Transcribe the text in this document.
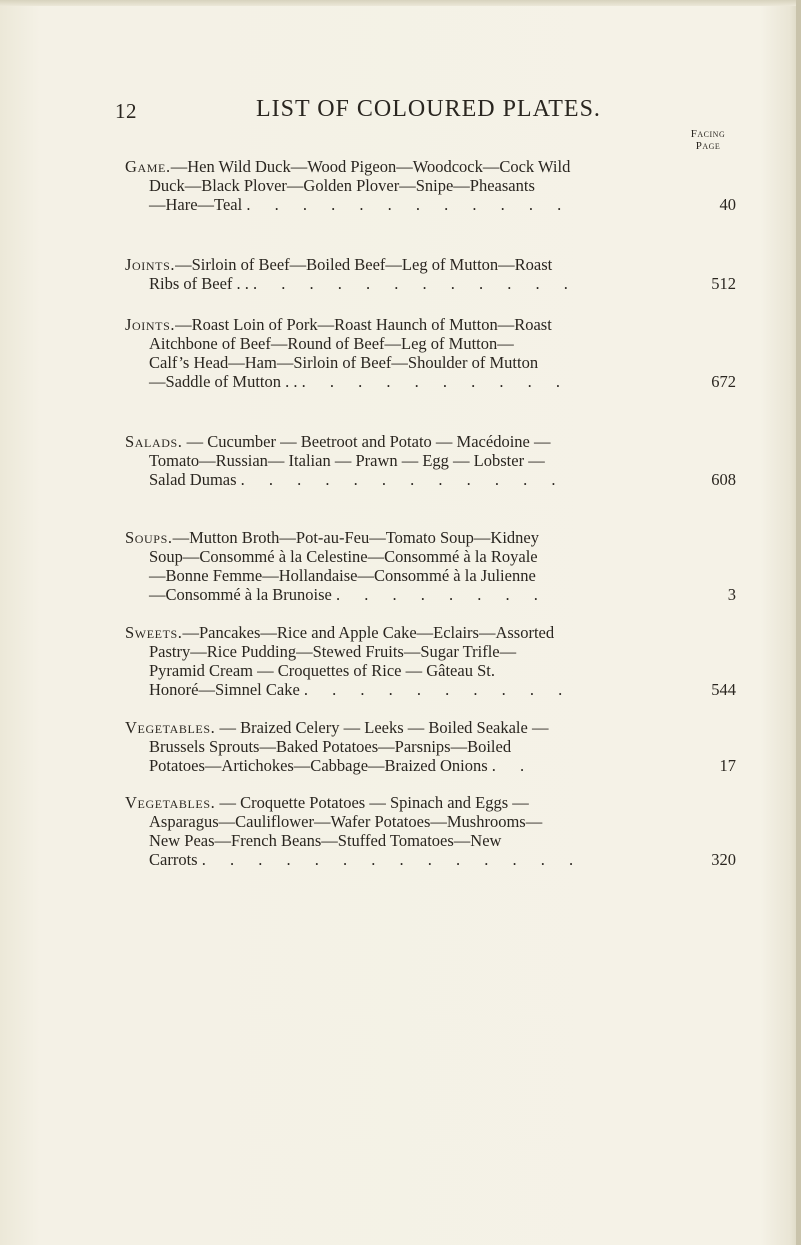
12	LIST OF COLOURED PLATES.
Facing
Page
Game.—Hen Wild Duck—Wood Pigeon—Woodcock—Cock Wild
Duck—Black Plover—Golden Plover—Snipe—Pheasants
—Hare—Teal . . . . . . . . . . . .	40
Joints.—Sirloin of Beef—Boiled Beef—Leg of Mutton—Roast
Ribs of Beef . . . . . . . . . . . . . .	512
Joints.—Roast Loin of Pork—Roast Haunch of Mutton—Roast
Aitchbone of Beef—Round of Beef—Leg of Mutton—
Calf’s Head—Ham—Sirloin of Beef—Shoulder of Mutton
—Saddle of Mutton . . . . . . . . . . . .	672
Salads. — Cucumber — Beetroot and Potato — Macédoine —
Tomato—Russian— Italian — Prawn — Egg — Lobster —
Salad Dumas . . . . . . . . . . . .	608
Soups.—Mutton Broth—Pot-au-Feu—Tomato Soup—Kidney
Soup—Consommé à la Celestine—Consommé à la Royale
—Bonne Femme—Hollandaise—Consommé à la Julienne
—Consommé à la Brunoise . . . . . . . .	3
Sweets.—Pancakes—Rice and Apple Cake—Eclairs—Assorted
Pastry—Rice Pudding—Stewed Fruits—Sugar Trifle—
Pyramid Cream — Croquettes of Rice — Gâteau St.
Honoré—Simnel Cake . . . . . . . . . .	544
Vegetables. — Braized Celery — Leeks — Boiled Seakale —
Brussels Sprouts—Baked Potatoes—Parsnips—Boiled
Potatoes—Artichokes—Cabbage—Braized Onions . .	17
Vegetables. — Croquette Potatoes — Spinach and Eggs —
Asparagus—Cauliflower—Wafer Potatoes—Mushrooms—
New Peas—French Beans—Stuffed Tomatoes—New
Carrots . . . . . . . . . . . . . .	320
